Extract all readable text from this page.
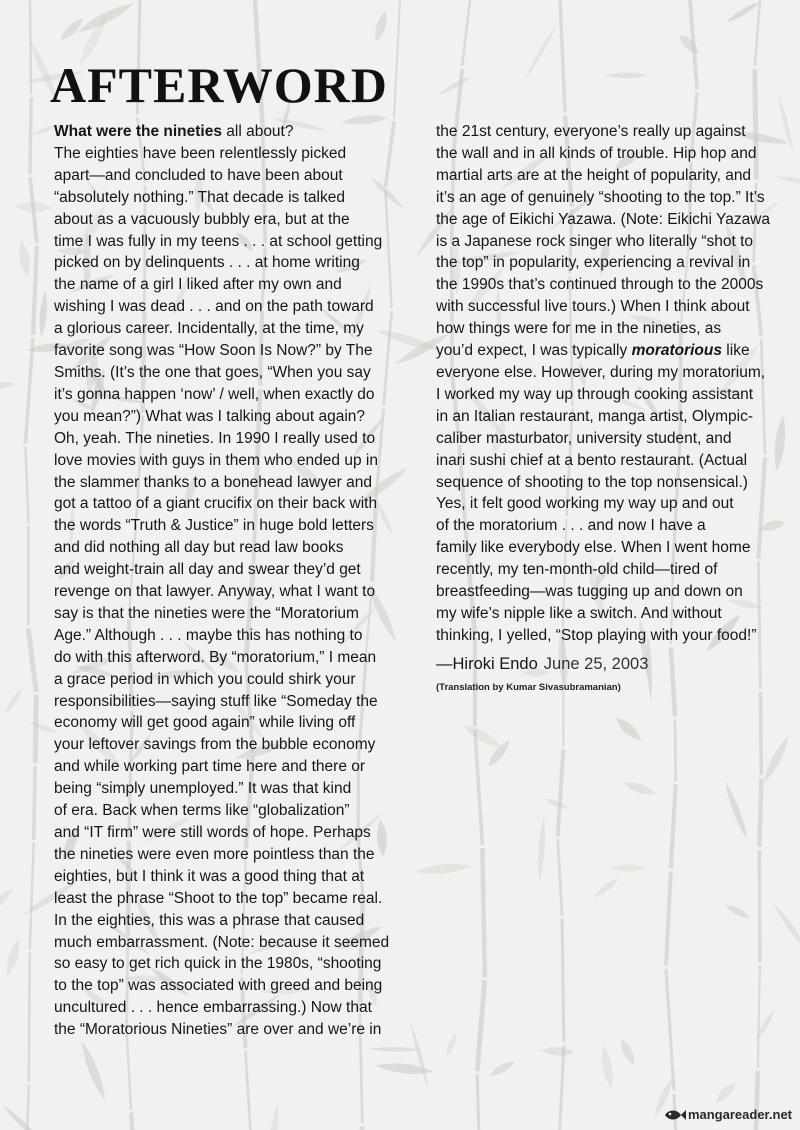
AFTERWORD
What were the nineties all about?
The eighties have been relentlessly picked
apart—and concluded to have been about
“absolutely nothing.” That decade is talked
about as a vacuously bubbly era, but at the
time I was fully in my teens . . . at school getting
picked on by delinquents . . . at home writing
the name of a girl I liked after my own and
wishing I was dead . . . and on the path toward
a glorious career. Incidentally, at the time, my
favorite song was “How Soon Is Now?” by The
Smiths. (It’s the one that goes, “When you say
it’s gonna happen ‘now’ / well, when exactly do
you mean?”) What was I talking about again?
Oh, yeah. The nineties. In 1990 I really used to
love movies with guys in them who ended up in
the slammer thanks to a bonehead lawyer and
got a tattoo of a giant crucifix on their back with
the words “Truth & Justice” in huge bold letters
and did nothing all day but read law books
and weight-train all day and swear they’d get
revenge on that lawyer. Anyway, what I want to
say is that the nineties were the “Moratorium
Age.” Although . . . maybe this has nothing to
do with this afterword. By “moratorium,” I mean
a grace period in which you could shirk your
responsibilities—saying stuff like “Someday the
economy will get good again” while living off
your leftover savings from the bubble economy
and while working part time here and there or
being “simply unemployed.” It was that kind
of era. Back when terms like “globalization”
and “IT firm” were still words of hope. Perhaps
the nineties were even more pointless than the
eighties, but I think it was a good thing that at
least the phrase “Shoot to the top” became real.
In the eighties, this was a phrase that caused
much embarrassment. (Note: because it seemed
so easy to get rich quick in the 1980s, “shooting
to the top” was associated with greed and being
uncultured . . . hence embarrassing.) Now that
the “Moratorious Nineties” are over and we’re in
the 21st century, everyone’s really up against
the wall and in all kinds of trouble. Hip hop and
martial arts are at the height of popularity, and
it’s an age of genuinely “shooting to the top.” It’s
the age of Eikichi Yazawa. (Note: Eikichi Yazawa
is a Japanese rock singer who literally “shot to
the top” in popularity, experiencing a revival in
the 1990s that’s continued through to the 2000s
with successful live tours.) When I think about
how things were for me in the nineties, as
you’d expect, I was typically moratorious like
everyone else. However, during my moratorium,
I worked my way up through cooking assistant
in an Italian restaurant, manga artist, Olympic-
caliber masturbator, university student, and
inari sushi chief at a bento restaurant. (Actual
sequence of shooting to the top nonsensical.)
Yes, it felt good working my way up and out
of the moratorium . . . and now I have a
family like everybody else. When I went home
recently, my ten-month-old child—tired of
breastfeeding—was tugging up and down on
my wife’s nipple like a switch. And without
thinking, I yelled, “Stop playing with your food!”
—Hiroki Endo June 25, 2003
(Translation by Kumar Sivasubramanian)
mangareader.net
